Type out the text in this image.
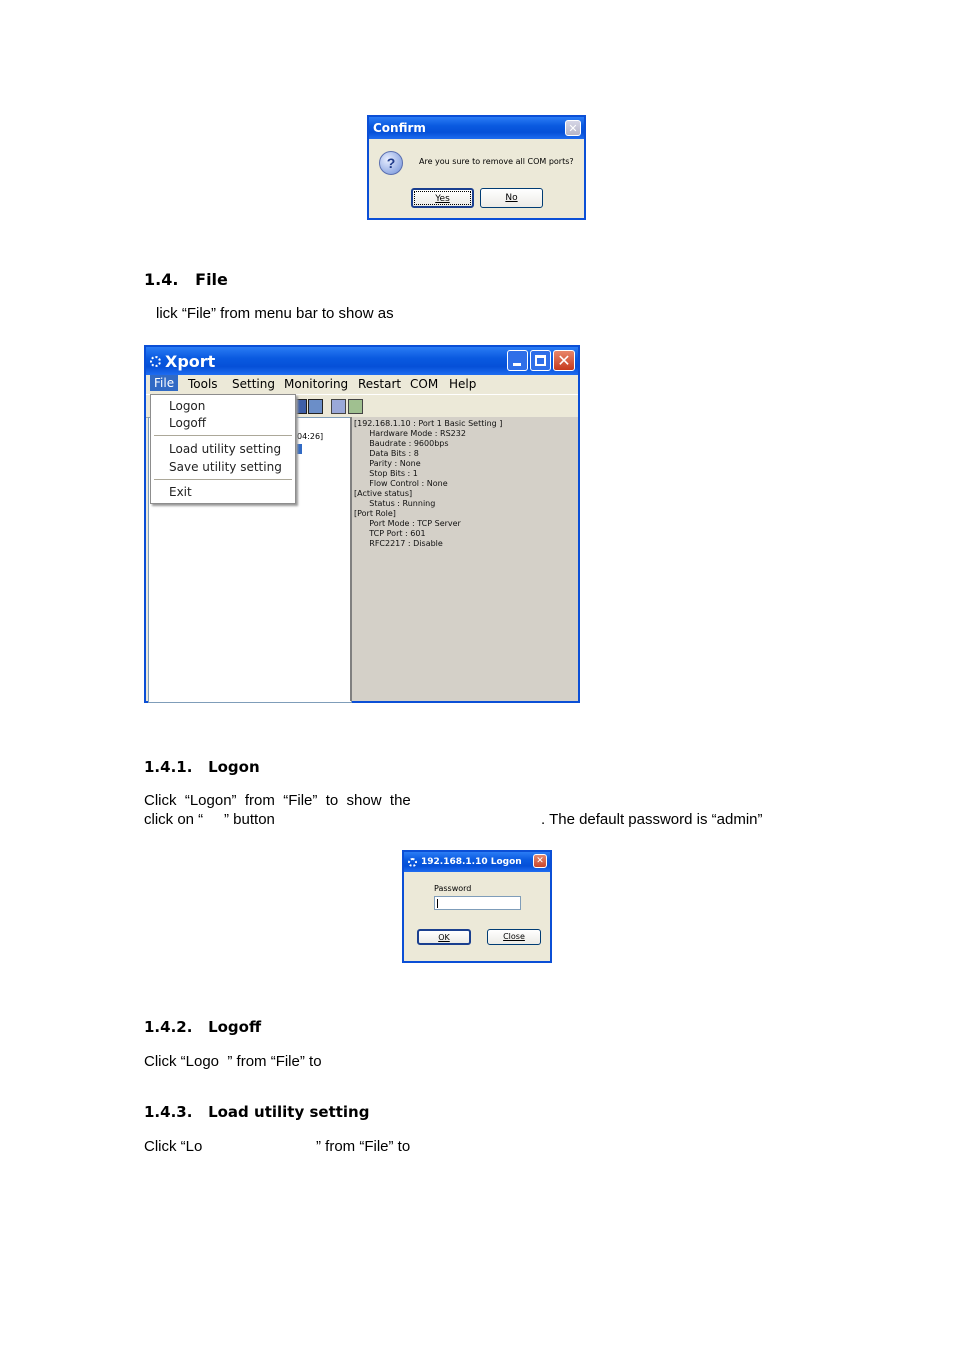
Confirm	✕
?	Are you sure to remove all COM ports?
Yes	No
1.4.   File
lick “File” from menu bar to show as
Xport	✕
File	Tools Setting Monitoring Restart COM Help
04:26]
[192.168.1.10 : Port 1 Basic Setting ]
Hardware Mode : RS232
Baudrate : 9600bps
Data Bits : 8
Parity : None
Stop Bits : 1
Flow Control : None
[Active status]
Status : Running
[Port Role]
Port Mode : TCP Server
TCP Port : 601
RFC2217 : Disable
Logon
Logoff
Load utility setting
Save utility setting
Exit
1.4.1.   Logon
Click  “Logon”  from  “File”  to  show  the
click on “     ” button	. The default password is “admin”
192.168.1.10 Logon	✕
Password
OK	Close
1.4.2.   Logoff
Click “Logo  ” from “File” to
1.4.3.   Load utility setting
Click “Lo	” from “File” to
